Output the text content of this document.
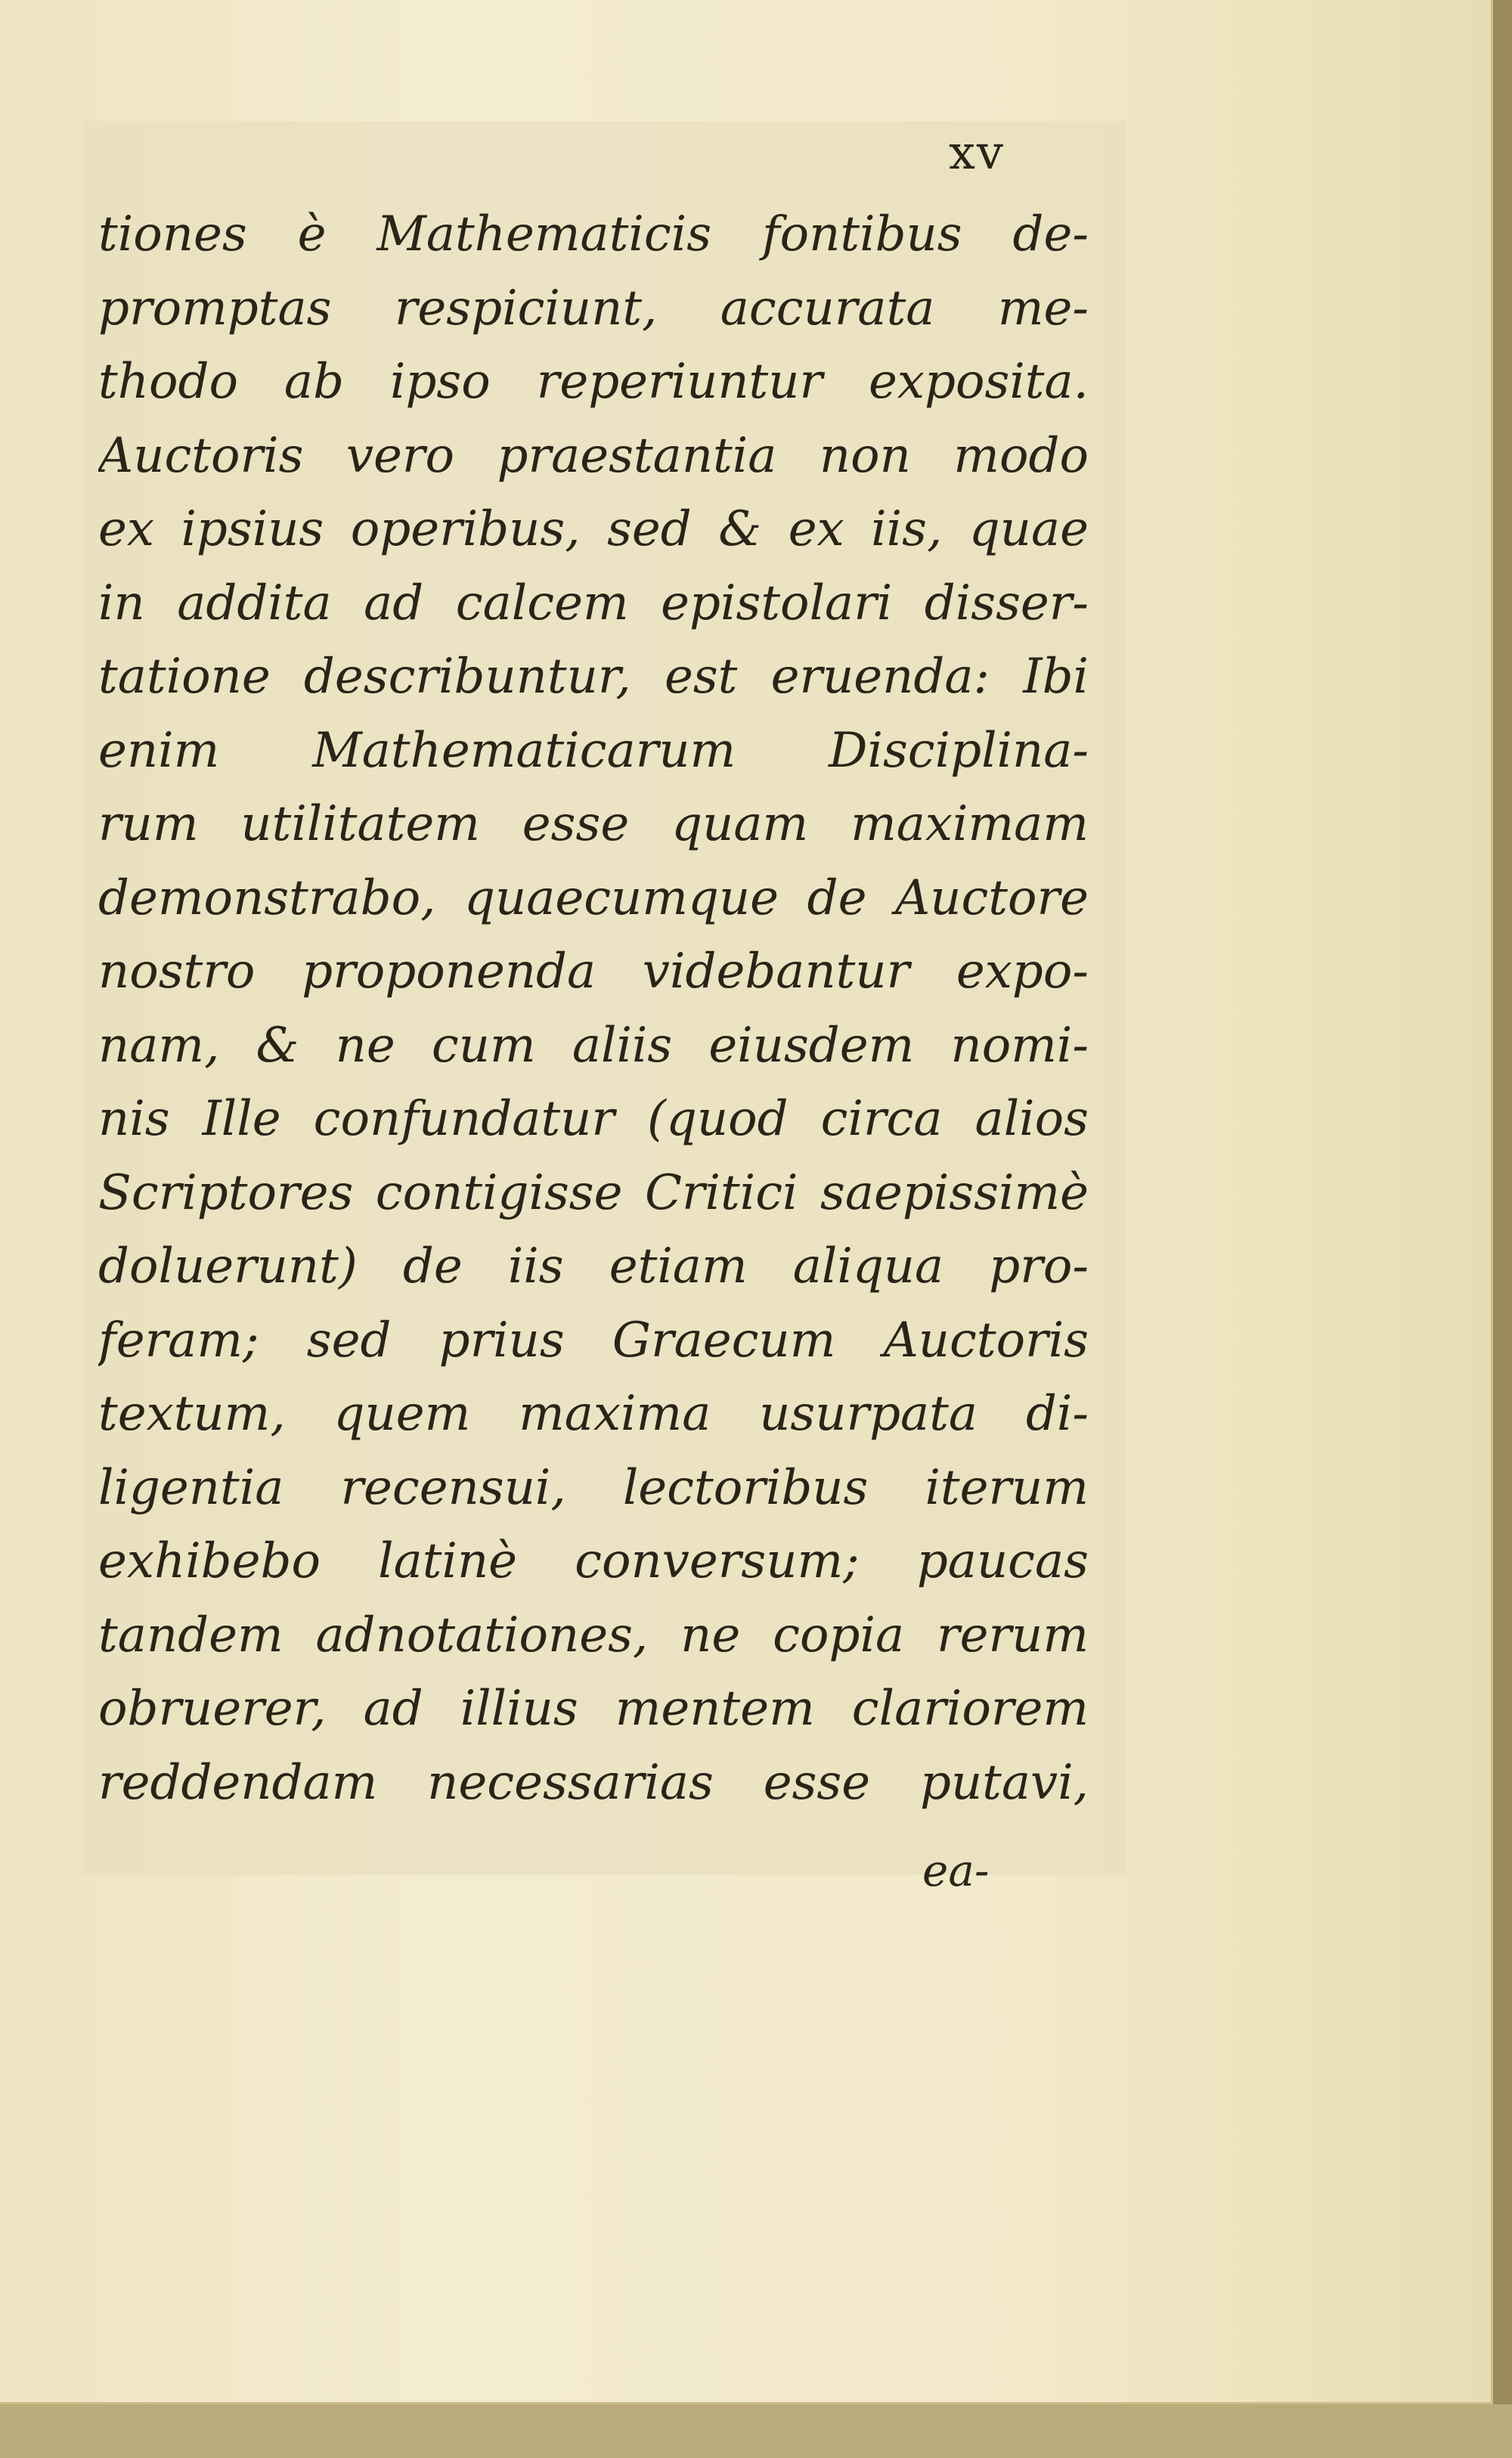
xv
tiones è Mathematicis fontibus de-
promptas respiciunt, accurata me-
thodo ab ipso reperiuntur exposita.
Auctoris vero praestantia non modo
ex ipsius operibus, sed & ex iis, quae
in addita ad calcem epistolari disser-
tatione describuntur, est eruenda: Ibi
enim Mathematicarum Disciplina-
rum utilitatem esse quam maximam
demonstrabo, quaecumque de Auctore
nostro proponenda videbantur expo-
nam, & ne cum aliis eiusdem nomi-
nis Ille confundatur (quod circa alios
Scriptores contigisse Critici saepissimè
doluerunt) de iis etiam aliqua pro-
feram; sed prius Graecum Auctoris
textum, quem maxima usurpata di-
ligentia recensui, lectoribus iterum
exhibebo latinè conversum; paucas
tandem adnotationes, ne copia rerum
obruerer, ad illius mentem clariorem
reddendam necessarias esse putavi,
ea-
